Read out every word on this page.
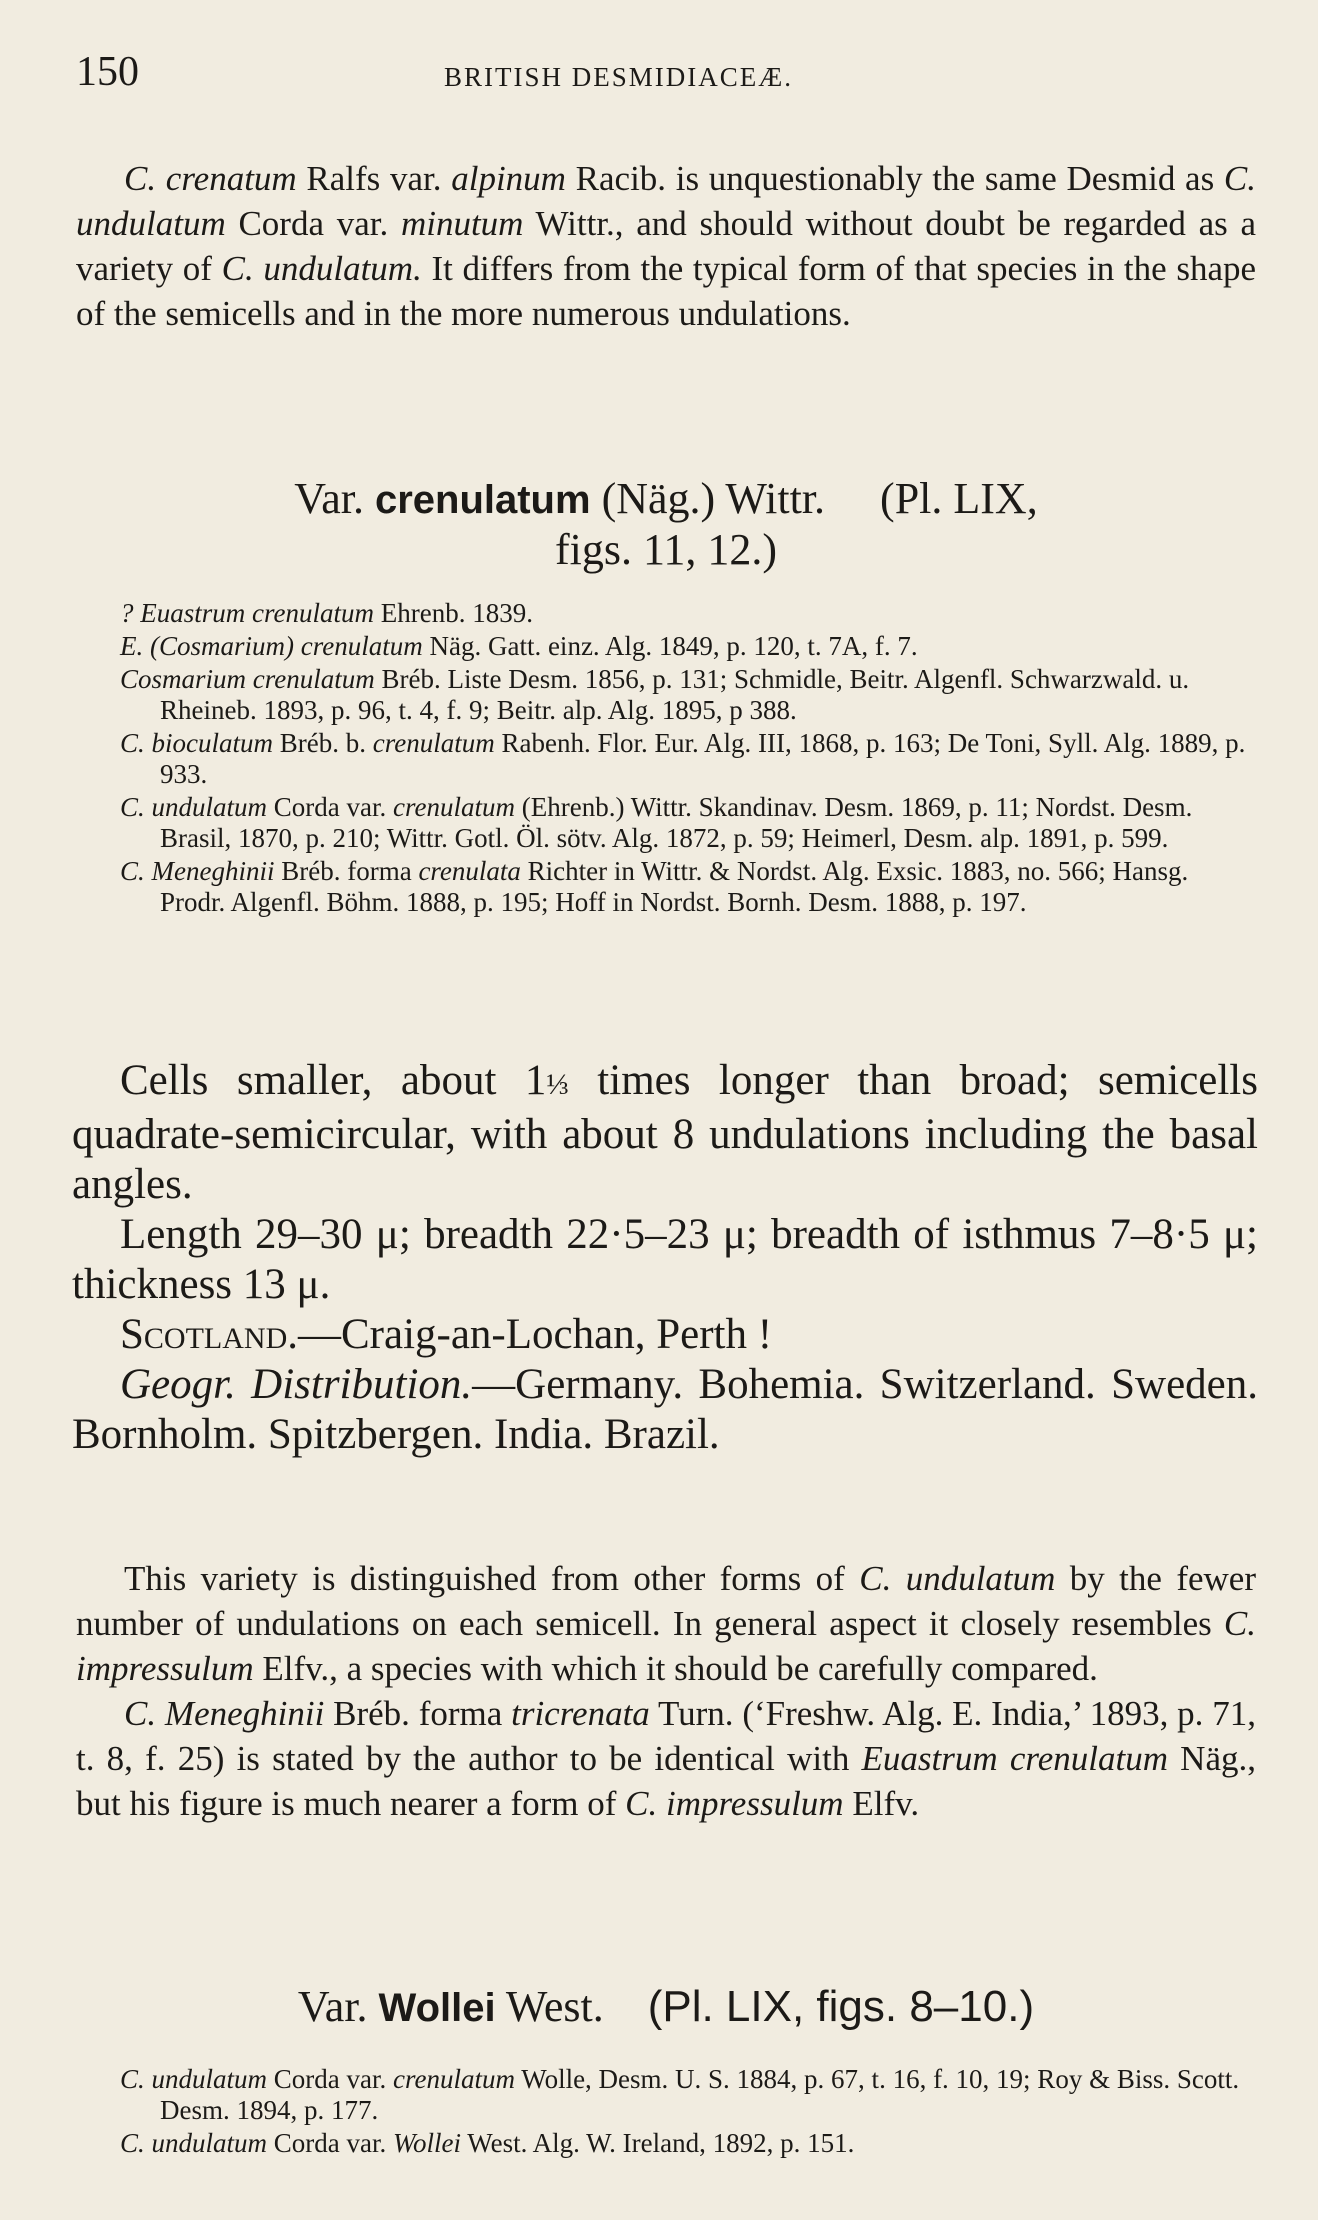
150	BRITISH DESMIDIACEÆ.

C. crenatum Ralfs var. alpinum Racib. is unquestionably the same Desmid as C. undulatum Corda var. minutum Wittr., and should without doubt be regarded as a variety of C. undulatum. It differs from the typical form of that species in the shape of the semicells and in the more numerous undulations.

Var. crenulatum (Näg.) Wittr. (Pl. LIX,
figs. 11, 12.)

? Euastrum crenulatum Ehrenb. 1839.

E. (Cosmarium) crenulatum Näg. Gatt. einz. Alg. 1849, p. 120, t. 7A, f. 7.

Cosmarium crenulatum Bréb. Liste Desm. 1856, p. 131; Schmidle, Beitr. Algenfl. Schwarzwald. u. Rheineb. 1893, p. 96, t. 4, f. 9; Beitr. alp. Alg. 1895, p 388.

C. bioculatum Bréb. b. crenulatum Rabenh. Flor. Eur. Alg. III, 1868, p. 163; De Toni, Syll. Alg. 1889, p. 933.

C. undulatum Corda var. crenulatum (Ehrenb.) Wittr. Skandinav. Desm. 1869, p. 11; Nordst. Desm. Brasil, 1870, p. 210; Wittr. Gotl. Öl. sötv. Alg. 1872, p. 59; Heimerl, Desm. alp. 1891, p. 599.

C. Meneghinii Bréb. forma crenulata Richter in Wittr. & Nordst. Alg. Exsic. 1883, no. 566; Hansg. Prodr. Algenfl. Böhm. 1888, p. 195; Hoff in Nordst. Bornh. Desm. 1888, p. 197.

Cells smaller, about 1⅓ times longer than broad; semicells quadrate-semicircular, with about 8 undulations including the basal angles.

Length 29–30 μ; breadth 22·5–23 μ; breadth of isthmus 7–8·5 μ; thickness 13 μ.

Scotland.—Craig-an-Lochan, Perth !

Geogr. Distribution.—Germany. Bohemia. Switzerland. Sweden. Bornholm. Spitzbergen. India. Brazil.

This variety is distinguished from other forms of C. undulatum by the fewer number of undulations on each semicell. In general aspect it closely resembles C. impressulum Elfv., a species with which it should be carefully compared.

C. Meneghinii Bréb. forma tricrenata Turn. (‘Freshw. Alg. E. India,’ 1893, p. 71, t. 8, f. 25) is stated by the author to be identical with Euastrum crenulatum Näg., but his figure is much nearer a form of C. impressulum Elfv.

Var. Wollei West. (Pl. LIX, figs. 8–10.)

C. undulatum Corda var. crenulatum Wolle, Desm. U. S. 1884, p. 67, t. 16, f. 10, 19; Roy & Biss. Scott. Desm. 1894, p. 177.

C. undulatum Corda var. Wollei West. Alg. W. Ireland, 1892, p. 151.
